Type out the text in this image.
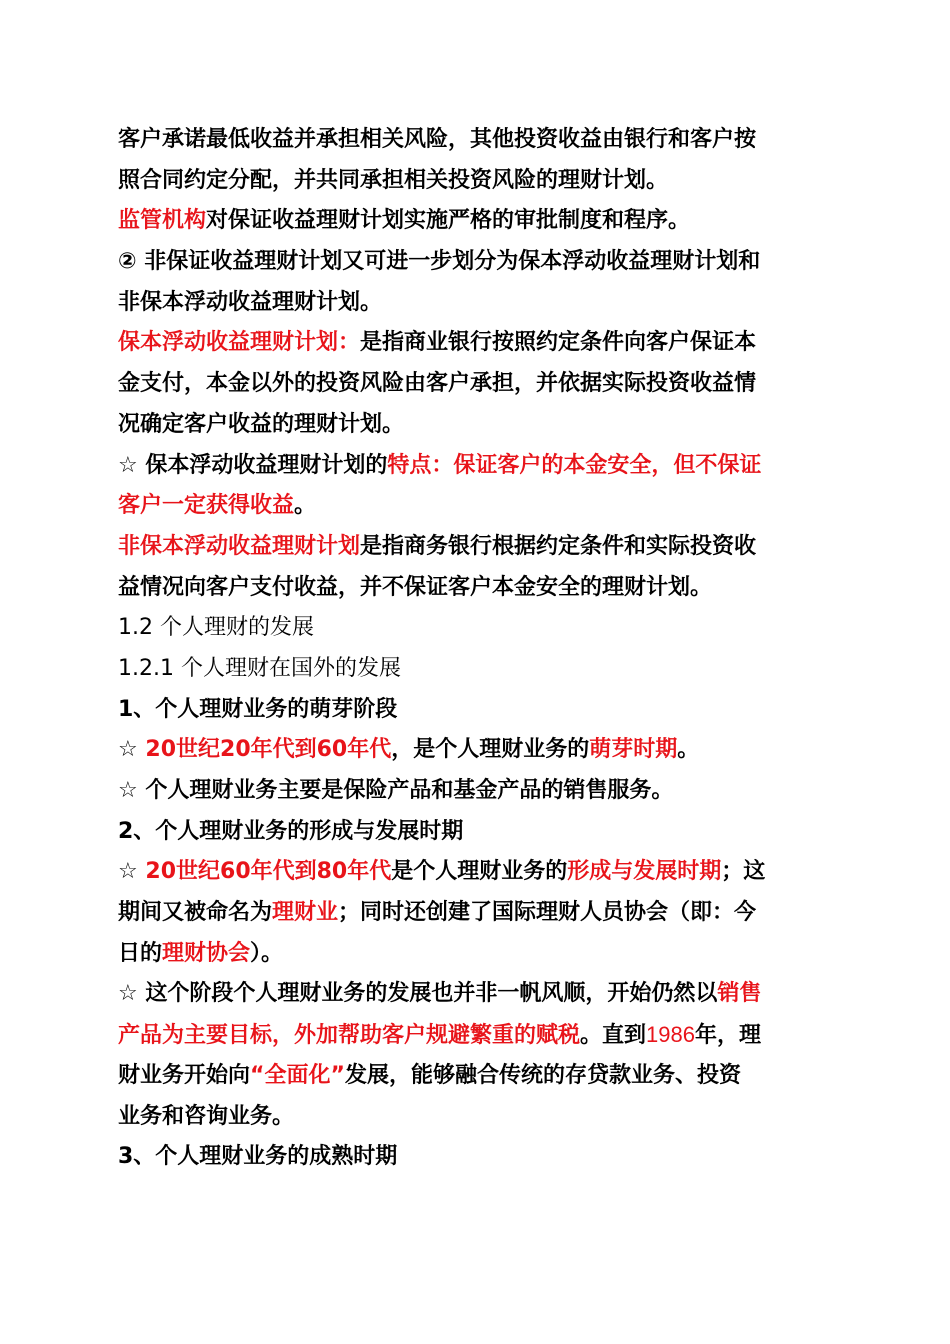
客户承诺最低收益并承担相关风险，其他投资收益由银行和客户按
照合同约定分配，并共同承担相关投资风险的理财计划。
监管机构对保证收益理财计划实施严格的审批制度和程序。
② 非保证收益理财计划又可进一步划分为保本浮动收益理财计划和
非保本浮动收益理财计划。
保本浮动收益理财计划：是指商业银行按照约定条件向客户保证本
金支付，本金以外的投资风险由客户承担，并依据实际投资收益情
况确定客户收益的理财计划。
☆ 保本浮动收益理财计划的特点：保证客户的本金安全，但不保证
客户一定获得收益。
非保本浮动收益理财计划是指商务银行根据约定条件和实际投资收
益情况向客户支付收益，并不保证客户本金安全的理财计划。
1.2 个人理财的发展
1.2.1 个人理财在国外的发展
1、个人理财业务的萌芽阶段
☆ 20世纪20年代到60年代，是个人理财业务的萌芽时期。
☆ 个人理财业务主要是保险产品和基金产品的销售服务。
2、个人理财业务的形成与发展时期
☆ 20世纪60年代到80年代是个人理财业务的形成与发展时期；这
期间又被命名为理财业；同时还创建了国际理财人员协会（即：今
日的理财协会）。
☆ 这个阶段个人理财业务的发展也并非一帆风顺，开始仍然以销售
产品为主要目标，外加帮助客户规避繁重的赋税。直到1986年，理
财业务开始向“全面化”发展，能够融合传统的存贷款业务、投资
业务和咨询业务。
3、个人理财业务的成熟时期
